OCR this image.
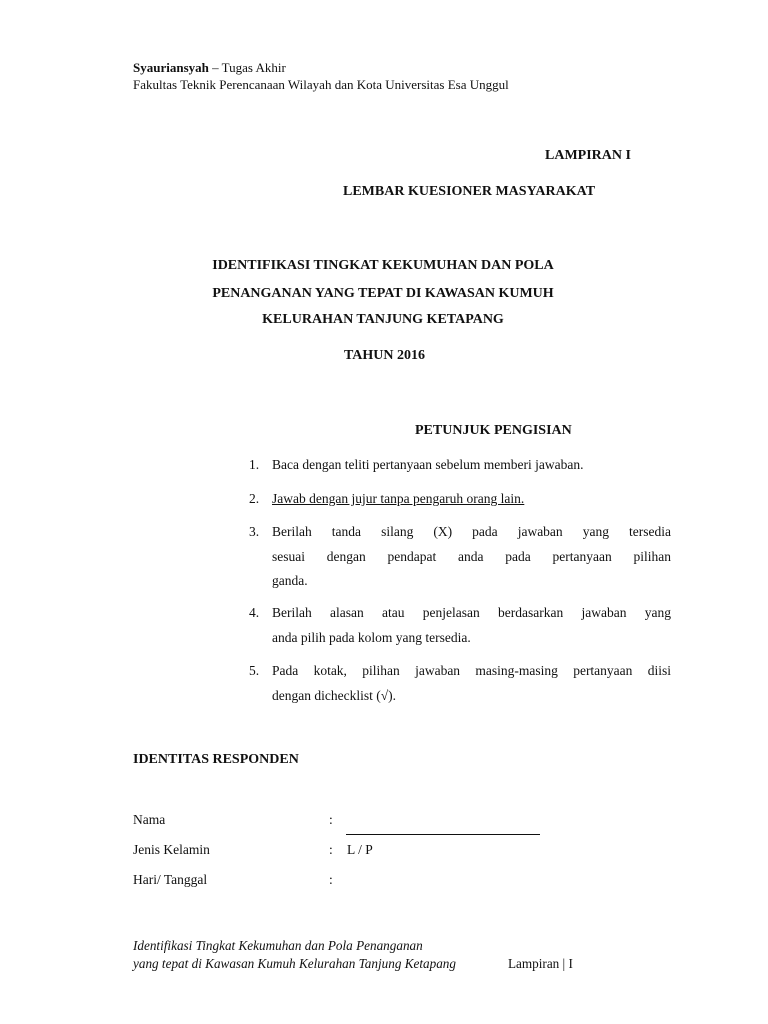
Syauriansyah – Tugas Akhir
Fakultas Teknik Perencanaan Wilayah dan Kota Universitas Esa Unggul
LAMPIRAN I
LEMBAR KUESIONER MASYARAKAT
IDENTIFIKASI TINGKAT KEKUMUHAN DAN POLA
PENANGANAN YANG TEPAT DI KAWASAN KUMUH
KELURAHAN TANJUNG KETAPANG
TAHUN 2016
PETUNJUK PENGISIAN
1. Baca dengan teliti pertanyaan sebelum memberi jawaban.
2. Jawab dengan jujur tanpa pengaruh orang lain.
3. Berilah tanda silang (X) pada jawaban yang tersedia
sesuai dengan pendapat anda pada pertanyaan pilihan
ganda.
4. Berilah alasan atau penjelasan berdasarkan jawaban yang
anda pilih pada kolom yang tersedia.
5. Pada kotak, pilihan jawaban masing-masing pertanyaan diisi
dengan dichecklist (√).
IDENTITAS RESPONDEN
Nama	:
Jenis Kelamin	: L / P
Hari/ Tanggal	:
Identifikasi Tingkat Kekumuhan dan Pola Penanganan
yang tepat di Kawasan Kumuh Kelurahan Tanjung Ketapang	Lampiran | I
